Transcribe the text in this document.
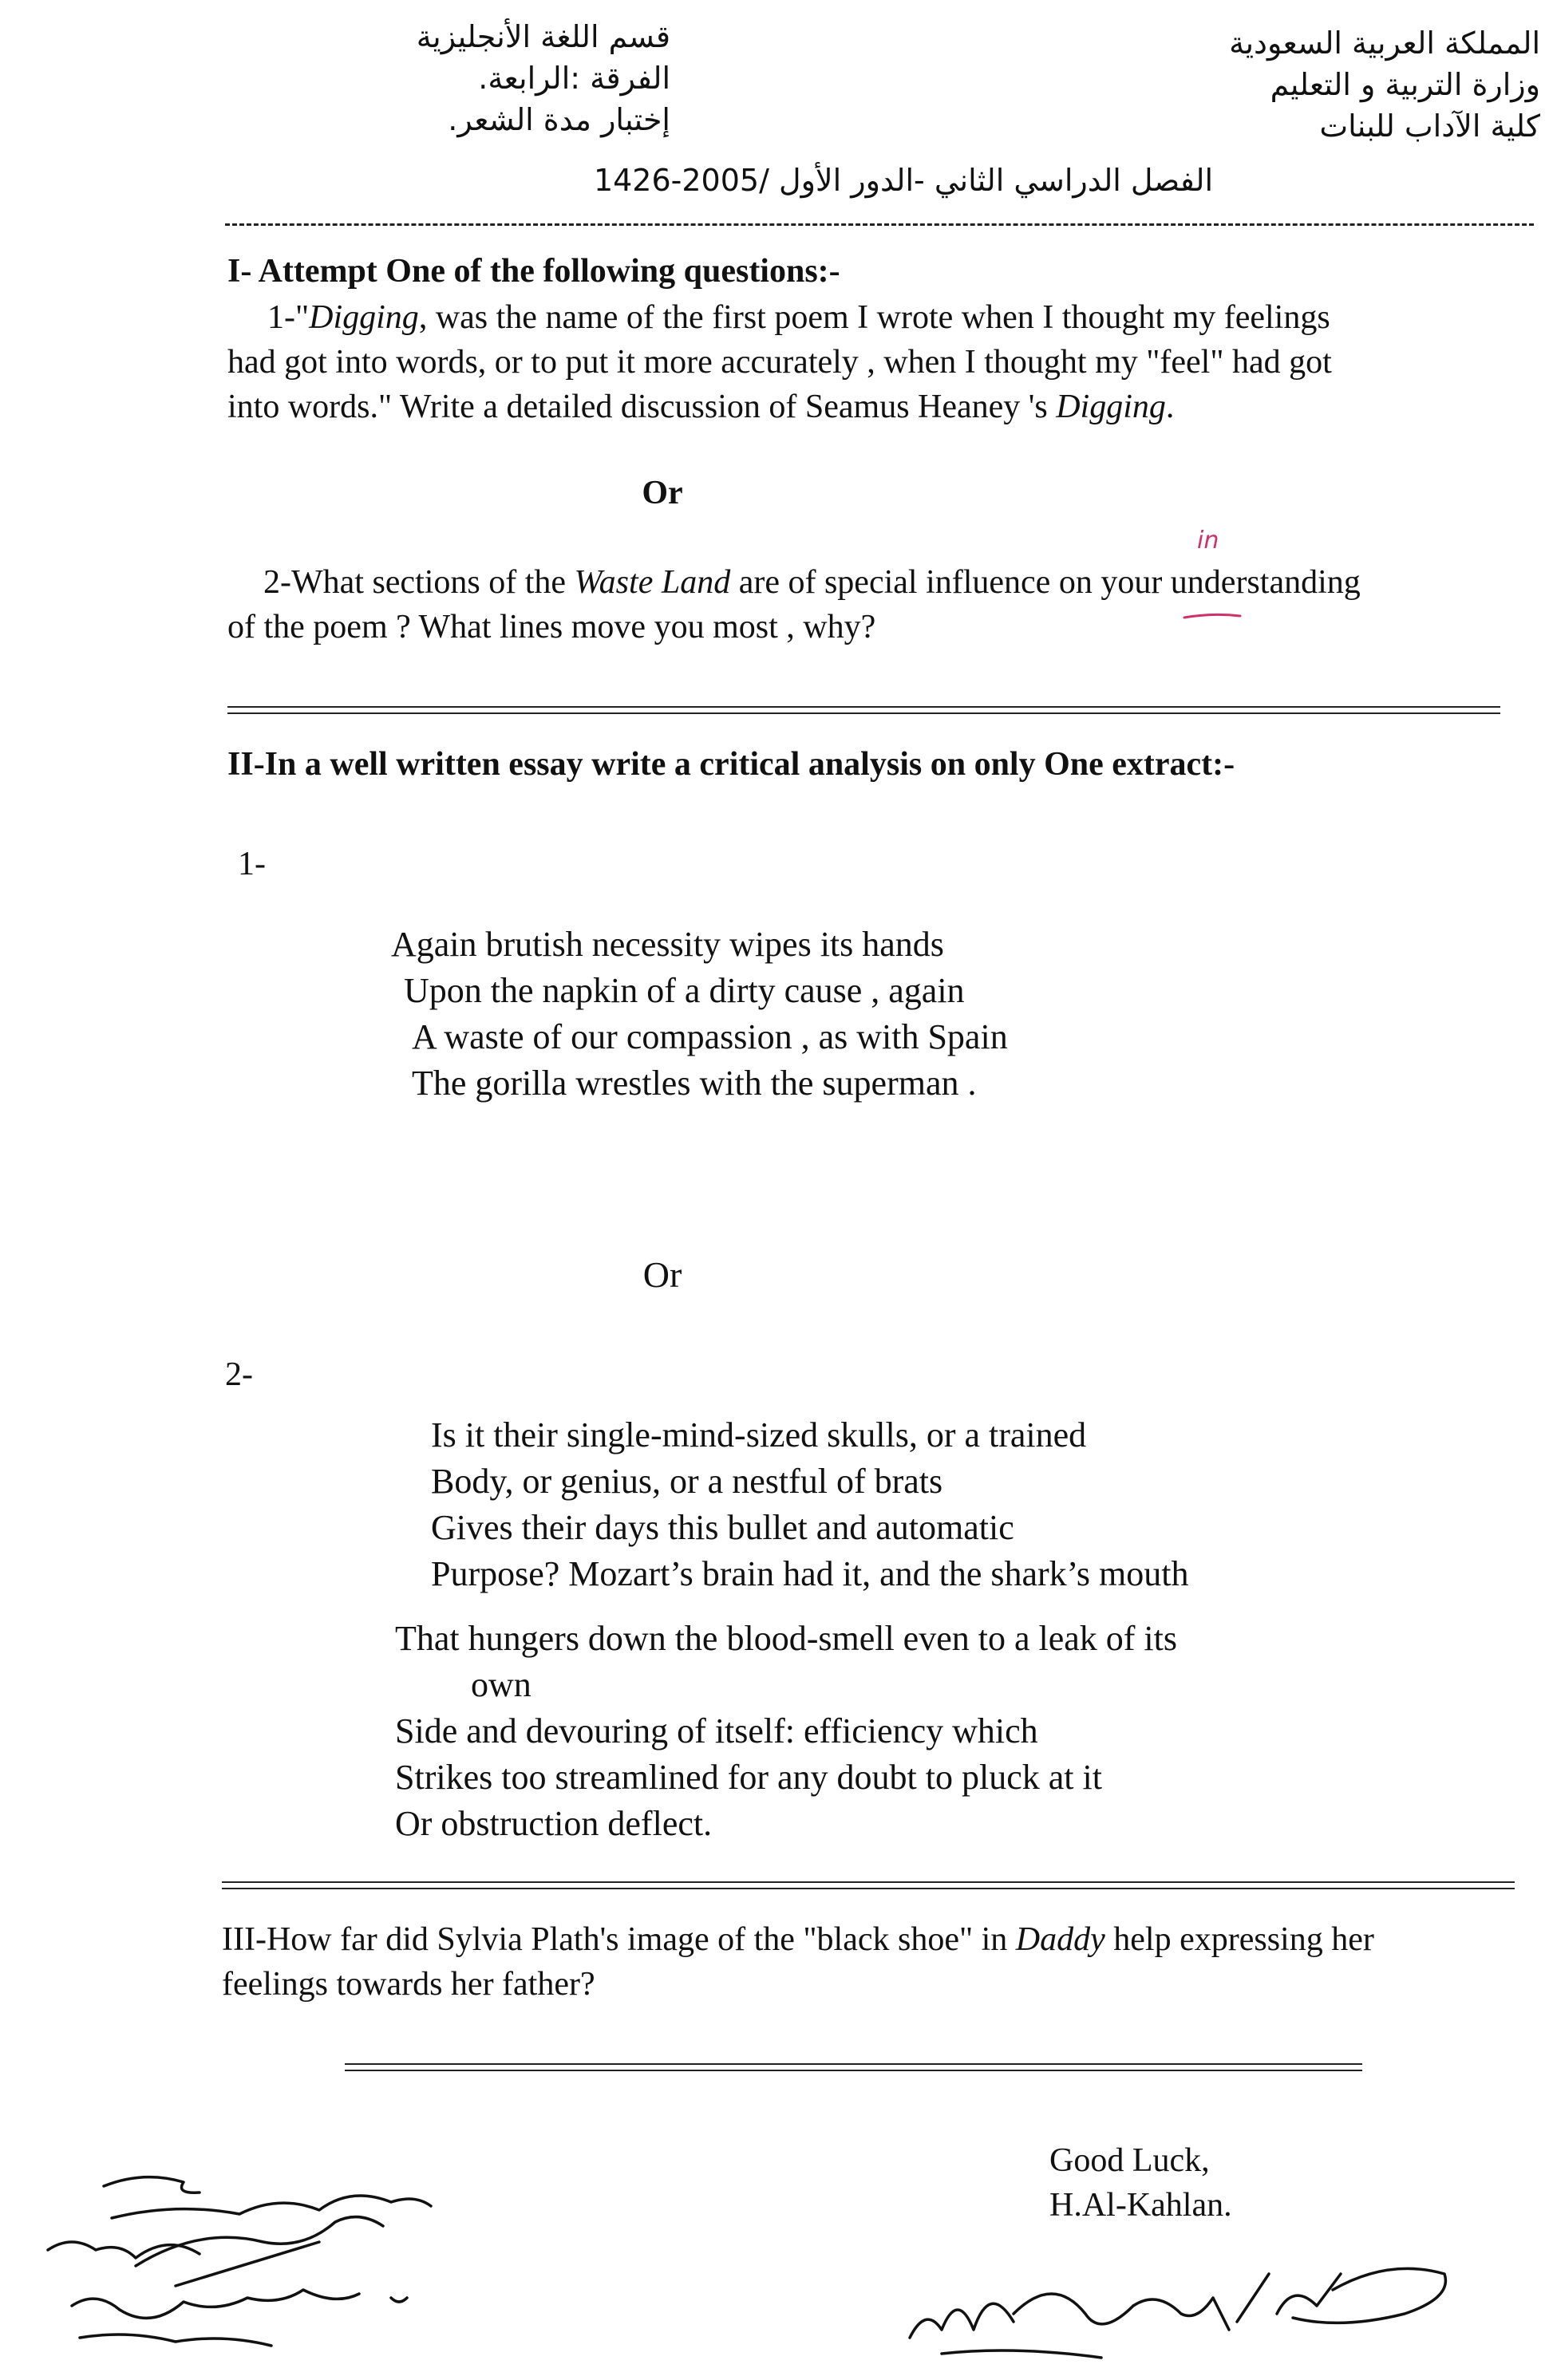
المملكة العربية السعودية
وزارة التربية و التعليم
كلية الآداب للبنات
قسم اللغة الأنجليزية
الفرقة :الرابعة.
إختبار مدة الشعر.
الفصل الدراسي الثاني -الدور الأول /2005-1426
I- Attempt One of the following questions:-
1-"Digging, was the name of the first poem I wrote when I thought my feelings
had got into words, or to put it more accurately , when I thought my "feel" had got
into words." Write a detailed discussion of Seamus Heaney 's Digging.
Or
2-What sections of the Waste Land are of special influence on your understanding
in
of the poem ? What lines move you most , why?
II-In a well written essay write a critical analysis on only One extract:-
1-
Again brutish necessity wipes its hands
Upon the napkin of a dirty cause , again
A waste of our compassion , as with Spain
The gorilla wrestles with the superman .
Or
2-
Is it their single-mind-sized skulls, or a trained
Body, or genius, or a nestful of brats
Gives their days this bullet and automatic
Purpose? Mozart’s brain had it, and the shark’s mouth
That hungers down the blood-smell even to a leak of its
own
Side and devouring of itself: efficiency which
Strikes too streamlined for any doubt to pluck at it
Or obstruction deflect.
III-How far did Sylvia Plath's image of the "black shoe" in Daddy help expressing her
feelings towards her father?
Good Luck,
H.Al-Kahlan.
